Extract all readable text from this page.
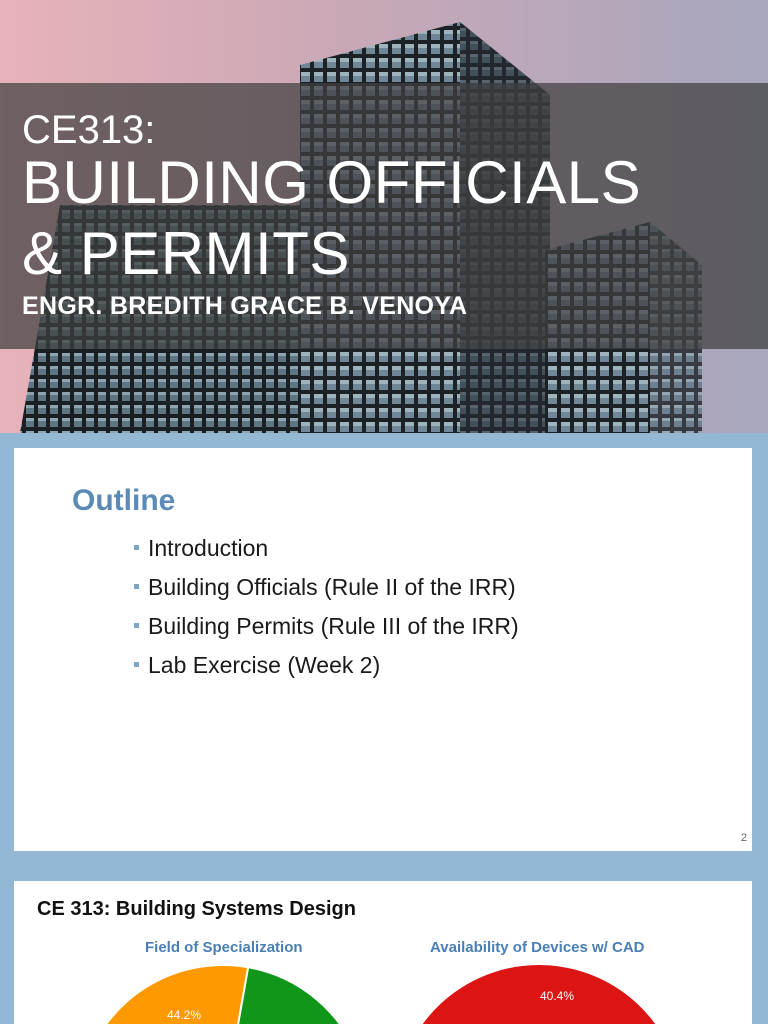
CE313:

BUILDING OFFICIALS

& PERMITS

ENGR. BREDITH GRACE B. VENOYA

Outline
Introduction
Building Officials (Rule II of the IRR)
Building Permits (Rule III of the IRR)
Lab Exercise (Week 2)
2
CE 313: Building Systems Design

Field of Specialization	Availability of Devices w/ CAD

44.2%
40.4%
